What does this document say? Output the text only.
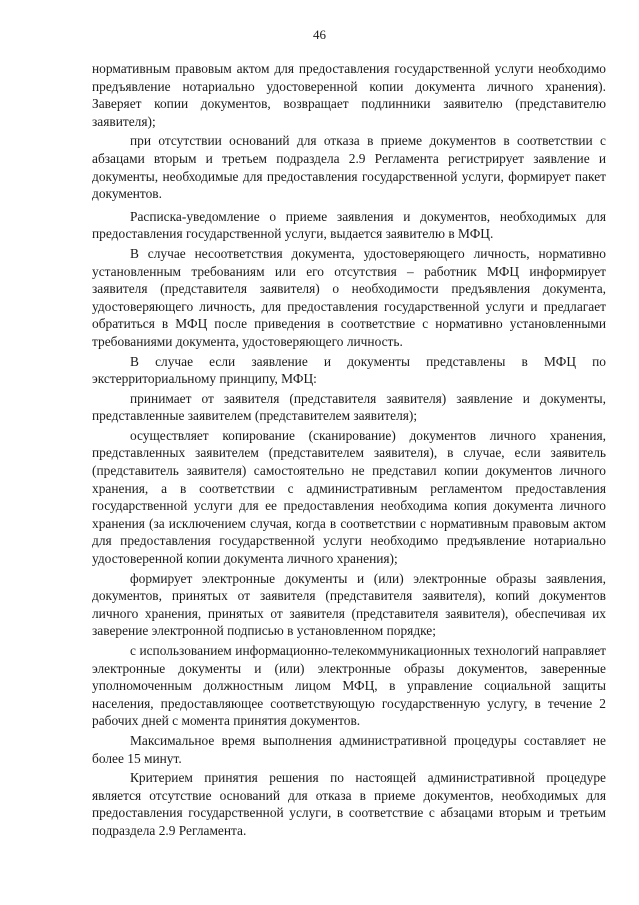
46

нормативным правовым актом для предоставления государственной услуги необходимо предъявление нотариально удостоверенной копии документа личного хранения). Заверяет копии документов, возвращает подлинники заявителю (представителю заявителя);

при отсутствии оснований для отказа в приеме документов в соответствии с абзацами вторым и третьем подраздела 2.9 Регламента регистрирует заявление и документы, необходимые для предоставления государственной услуги, формирует пакет документов.

Расписка-уведомление о приеме заявления и документов, необходимых для предоставления государственной услуги, выдается заявителю в МФЦ.

В случае несоответствия документа, удостоверяющего личность, нормативно установленным требованиям или его отсутствия – работник МФЦ информирует заявителя (представителя заявителя) о необходимости предъявления документа, удостоверяющего личность, для предоставления государственной услуги и предлагает обратиться в МФЦ после приведения в соответствие с нормативно установленными требованиями документа, удостоверяющего личность.

В случае если заявление и документы представлены в МФЦ по экстерриториальному принципу, МФЦ:

принимает от заявителя (представителя заявителя) заявление и документы, представленные заявителем (представителем заявителя);

осуществляет копирование (сканирование) документов личного хранения, представленных заявителем (представителем заявителя), в случае, если заявитель (представитель заявителя) самостоятельно не представил копии документов личного хранения, а в соответствии с административным регламентом предоставления государственной услуги для ее предоставления необходима копия документа личного хранения (за исключением случая, когда в соответствии с нормативным правовым актом для предоставления государственной услуги необходимо предъявление нотариально удостоверенной копии документа личного хранения);

формирует электронные документы и (или) электронные образы заявления, документов, принятых от заявителя (представителя заявителя), копий документов личного хранения, принятых от заявителя (представителя заявителя), обеспечивая их заверение электронной подписью в установленном порядке;

с использованием информационно-телекоммуникационных технологий направляет электронные документы и (или) электронные образы документов, заверенные уполномоченным должностным лицом МФЦ, в управление социальной защиты населения, предоставляющее соответствующую государственную услугу, в течение 2 рабочих дней с момента принятия документов.

Максимальное время выполнения административной процедуры составляет не более 15 минут.

Критерием принятия решения по настоящей административной процедуре является отсутствие оснований для отказа в приеме документов, необходимых для предоставления государственной услуги, в соответствие с абзацами вторым и третьим подраздела 2.9 Регламента.
